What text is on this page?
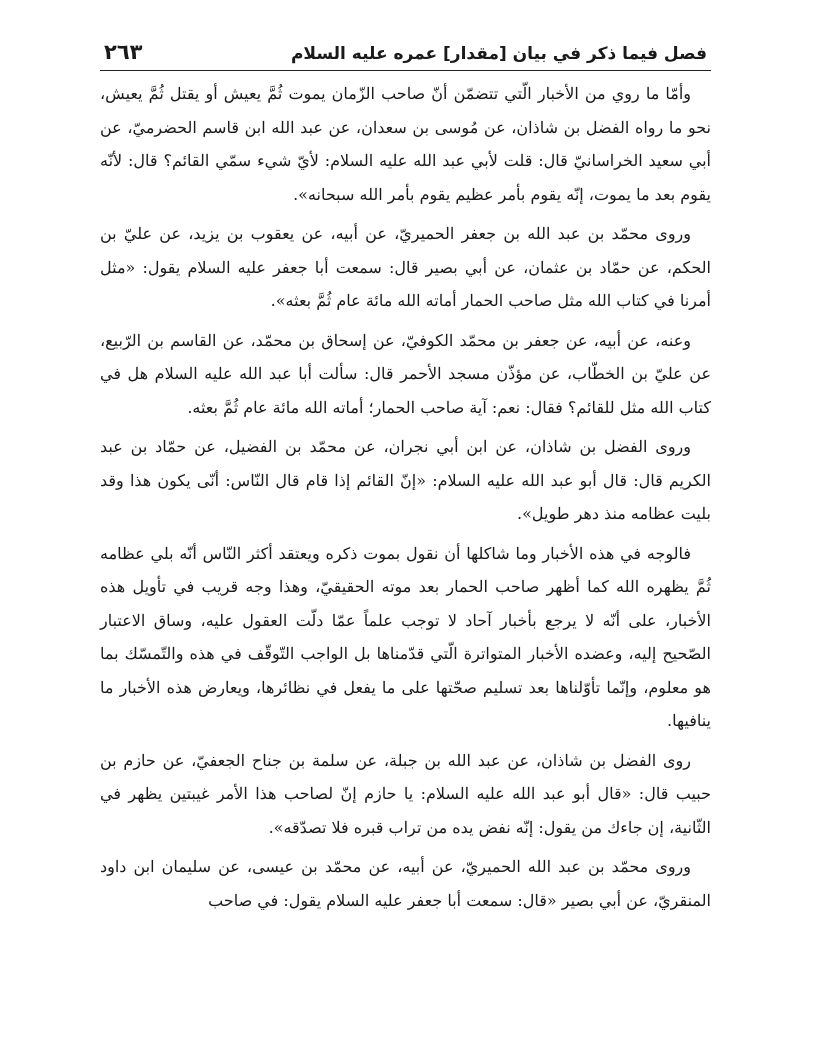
فصل فيما ذكر في بيان [مقدار] عمره عليه السلام
٢٦٣

وأمّا ما روي من الأخبار الّتي تتضمّن أنّ صاحب الزّمان يموت ثُمَّ يعيش أو يقتل ثُمَّ يعيش، نحو ما رواه الفضل بن شاذان، عن مُوسى بن سعدان، عن عبد الله ابن قاسم الحضرميّ، عن أبي سعيد الخراسانيّ قال: قلت لأبي عبد الله عليه السلام: لأيّ شيء سمّي القائم؟ قال: لأنّه يقوم بعد ما يموت، إنّه يقوم بأمر عظيم يقوم بأمر الله سبحانه».

وروى محمّد بن عبد الله بن جعفر الحميريّ، عن أبيه، عن يعقوب بن يزيد، عن عليّ بن الحكم، عن حمّاد بن عثمان، عن أبي بصير قال: سمعت أبا جعفر عليه السلام يقول: «مثل أمرنا في كتاب الله مثل صاحب الحمار أماته الله مائة عام ثُمَّ بعثه».

وعنه، عن أبيه، عن جعفر بن محمّد الكوفيّ، عن إسحاق بن محمّد، عن القاسم بن الرّبيع، عن عليّ بن الخطّاب، عن مؤذّن مسجد الأحمر قال: سألت أبا عبد الله عليه السلام هل في كتاب الله مثل للقائم؟ فقال: نعم: آية صاحب الحمار؛ أماته الله مائة عام ثُمَّ بعثه.

وروى الفضل بن شاذان، عن ابن أبي نجران، عن محمّد بن الفضيل، عن حمّاد بن عبد الكريم قال: قال أبو عبد الله عليه السلام: «إنّ القائم إذا قام قال النّاس: أنّى يكون هذا وقد بليت عظامه منذ دهر طويل».

فالوجه في هذه الأخبار وما شاكلها أن نقول بموت ذكره ويعتقد أكثر النّاس أنّه بلي عظامه ثُمَّ يظهره الله كما أظهر صاحب الحمار بعد موته الحقيقيّ، وهذا وجه قريب في تأويل هذه الأخبار، على أنّه لا يرجع بأخبار آحاد لا توجب علماً عمّا دلّت العقول عليه، وساق الاعتبار الصّحيح إليه، وعضده الأخبار المتواترة الّتي قدّمناها بل الواجب التّوقّف في هذه والتّمسّك بما هو معلوم، وإنّما تأوّلناها بعد تسليم صحّتها على ما يفعل في نظائرها، ويعارض هذه الأخبار ما ينافيها.

روى الفضل بن شاذان، عن عبد الله بن جبلة، عن سلمة بن جناح الجعفيّ، عن حازم بن حبيب قال: «قال أبو عبد الله عليه السلام: يا حازم إنّ لصاحب هذا الأمر غيبتين يظهر في الثّانية، إن جاءك من يقول: إنّه نفض يده من تراب قبره فلا تصدّقه».

وروى محمّد بن عبد الله الحميريّ، عن أبيه، عن محمّد بن عيسى، عن سليمان ابن داود المنقريّ، عن أبي بصير «قال: سمعت أبا جعفر عليه السلام يقول: في صاحب
